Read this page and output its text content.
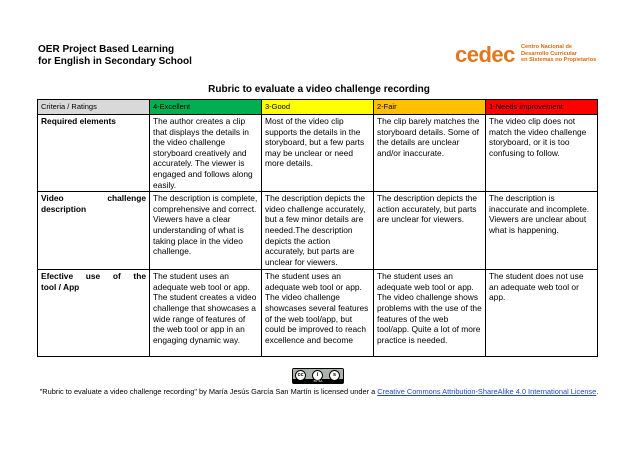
OER Project Based Learning
for English in Secondary School	cedec Centro Nacional de
Desarrollo Curricular
en Sistemas no Propietarios
Rubric to evaluate a video challenge recording
Criteria / Ratings	4-Excellent	3-Good	2-Fair	1-Needs improvement
Required elements	The author creates a clip that displays the details in the video challenge storyboard creatively and accurately. The viewer is engaged and follows along easily.	Most of the video clip supports the details in the storyboard, but a few parts may be unclear or need more details.	The clip barely matches the storyboard details. Some of the details are unclear and/or inaccurate.	The video clip does not match the video challenge storyboard, or it is too confusing to follow.

Video challenge
description	The description is complete, comprehensive and correct. Viewers have a clear understanding of what is taking place in the video challenge.	The description depicts the video challenge accurately, but a few minor details are needed.The description depicts the action accurately, but parts are unclear for viewers.	The description depicts the action accurately, but parts are unclear for viewers.	The description is inaccurate and incomplete. Viewers are unclear about what is happening.

Efective use of the
tool / App	The student uses an adequate web tool or app. The student creates a video challenge that showcases a wide range of features of the web tool or app in an engaging dynamic way.	The student uses an adequate web tool or app. The video challenge showcases several features of the web tool/app, but could be improved to reach excellence and become	The student uses an adequate web tool or app. The video challenge shows problems with the use of the features of the web tool/app. Quite a lot of more practice is needed.	The student does not use an adequate web tool or app.
cc	i	s
BY SA
"Rubric to evaluate a video challenge recording" by María Jesús García San Martín is licensed under a Creative Commons Attribution-ShareAlike 4.0 International License.
